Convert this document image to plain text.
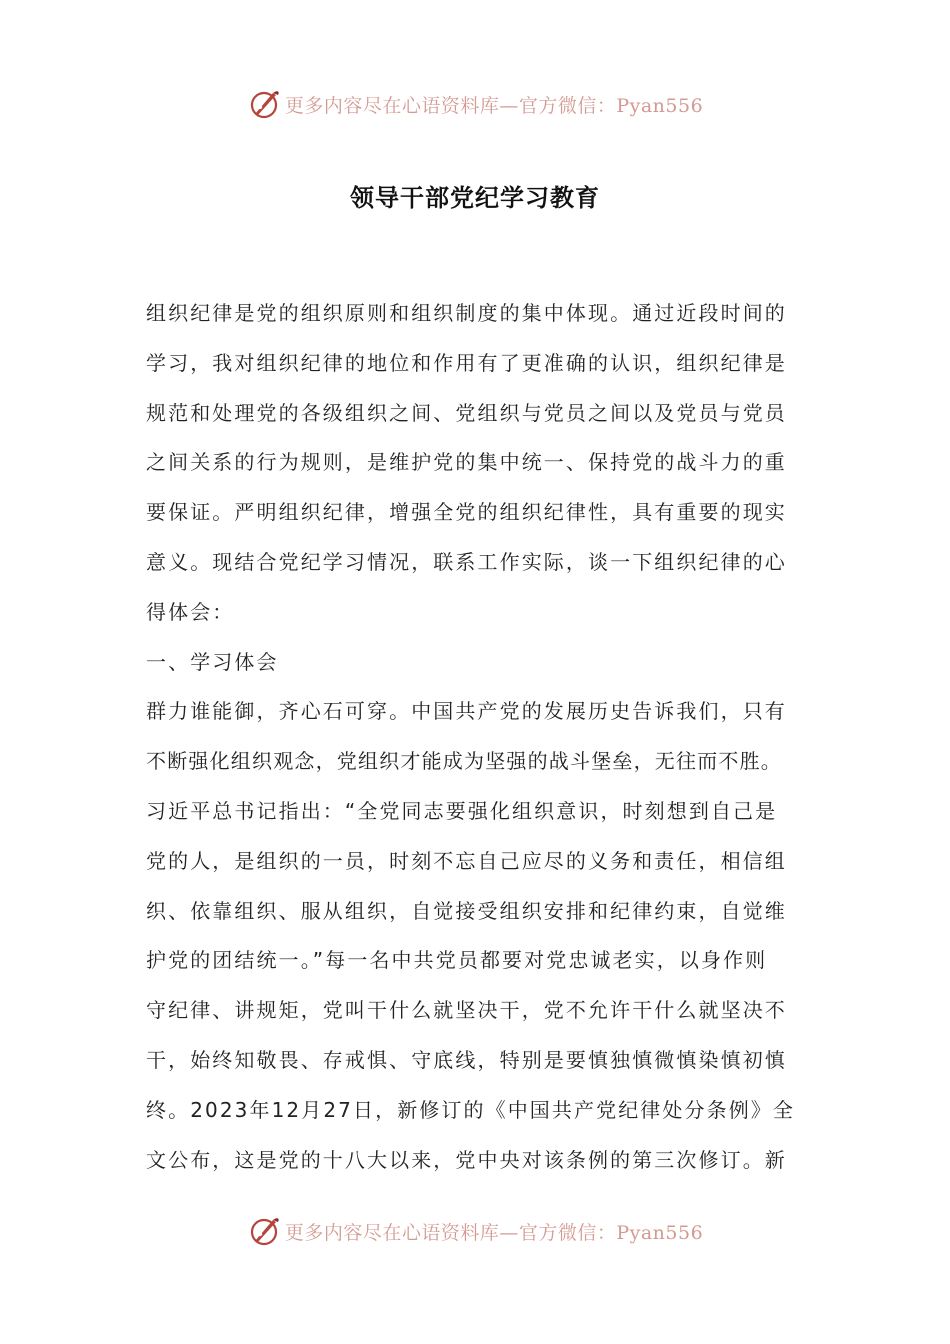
更多内容尽在心语资料库—官方微信：Pyan556
领导干部党纪学习教育
组织纪律是党的组织原则和组织制度的集中体现。通过近段时间的
学习，我对组织纪律的地位和作用有了更准确的认识，组织纪律是
规范和处理党的各级组织之间、党组织与党员之间以及党员与党员
之间关系的行为规则，是维护党的集中统一、保持党的战斗力的重
要保证。严明组织纪律，增强全党的组织纪律性，具有重要的现实
意义。现结合党纪学习情况，联系工作实际，谈一下组织纪律的心
得体会：
一、学习体会
群力谁能御，齐心石可穿。中国共产党的发展历史告诉我们，只有
不断强化组织观念，党组织才能成为坚强的战斗堡垒，无往而不胜。
习近平总书记指出：“全党同志要强化组织意识，时刻想到自己是
党的人，是组织的一员，时刻不忘自己应尽的义务和责任，相信组
织、依靠组织、服从组织，自觉接受组织安排和纪律约束，自觉维
护党的团结统一。”每一名中共党员都要对党忠诚老实，以身作则
守纪律、讲规矩，党叫干什么就坚决干，党不允许干什么就坚决不
干，始终知敬畏、存戒惧、守底线，特别是要慎独慎微慎染慎初慎
终。2023年12月27日，新修订的《中国共产党纪律处分条例》全
文公布，这是党的十八大以来，党中央对该条例的第三次修订。新
更多内容尽在心语资料库—官方微信：Pyan556
